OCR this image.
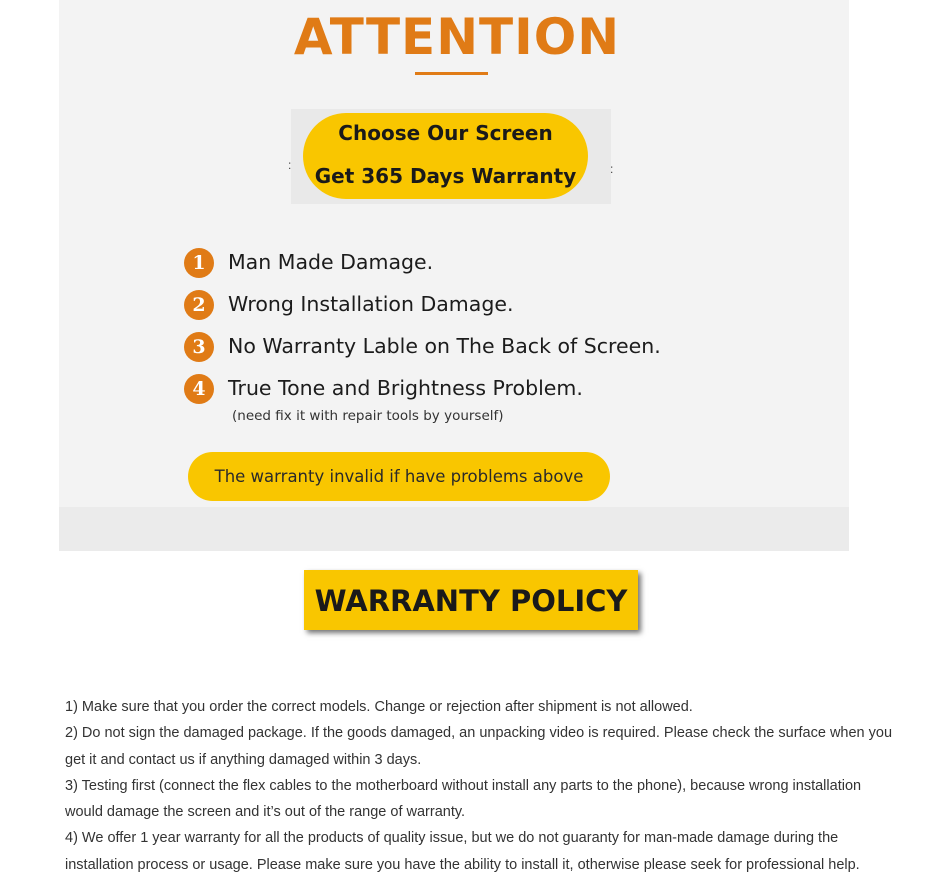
ATTENTION
:	:
Choose Our Screen
Get 365 Days Warranty
1	Man Made Damage.
2	Wrong Installation Damage.
3	No Warranty Lable on The Back of Screen.
4	True Tone and Brightness Problem.
(need fix it with repair tools by yourself)
The warranty invalid if have problems above
WARRANTY POLICY

1) Make sure that you order the correct models. Change or rejection after shipment is not allowed.

2) Do not sign the damaged package. If the goods damaged, an unpacking video is required. Please check the surface when you get it and contact us if anything damaged within 3 days.

3) Testing first (connect the flex cables to the motherboard without install any parts to the phone), because wrong installation would damage the screen and it’s out of the range of warranty.

4) We offer 1 year warranty for all the products of quality issue, but we do not guaranty for man-made damage during the installation process or usage. Please make sure you have the ability to install it, otherwise please seek for professional help.
